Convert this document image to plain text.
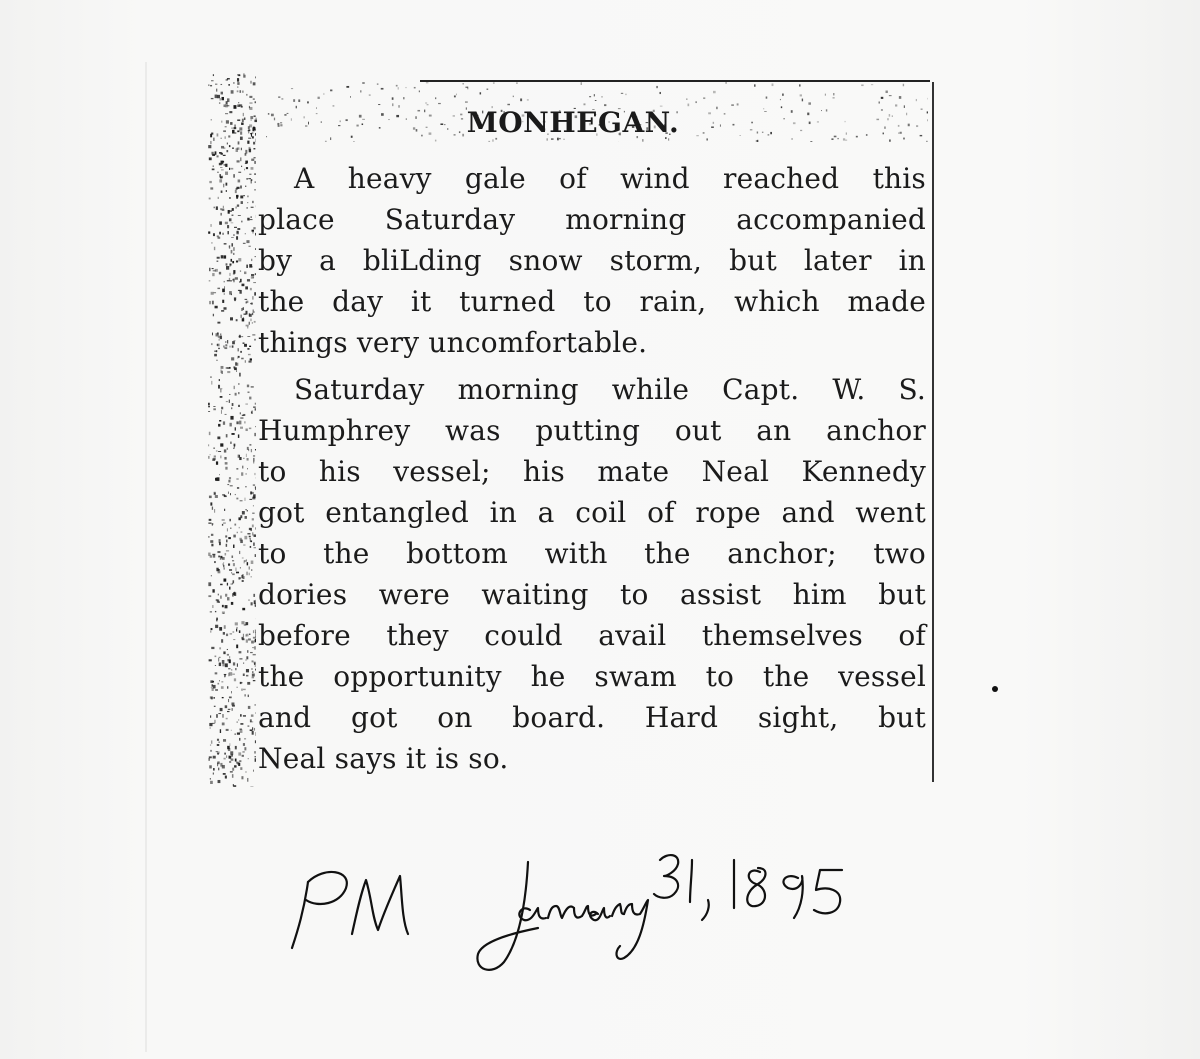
MONHEGAN.
A heavy gale of wind reached this
place Saturday morning accompanied
by a bliLding snow storm, but later in
the day it turned to rain, which made
things very uncomfortable.
Saturday morning while Capt. W. S.
Humphrey was putting out an anchor
to his vessel; his mate Neal Kennedy
got entangled in a coil of rope and went
to the bottom with the anchor; two
dories were waiting to assist him but
before they could avail themselves of
the opportunity he swam to the vessel
and got on board. Hard sight, but
Neal says it is so.
